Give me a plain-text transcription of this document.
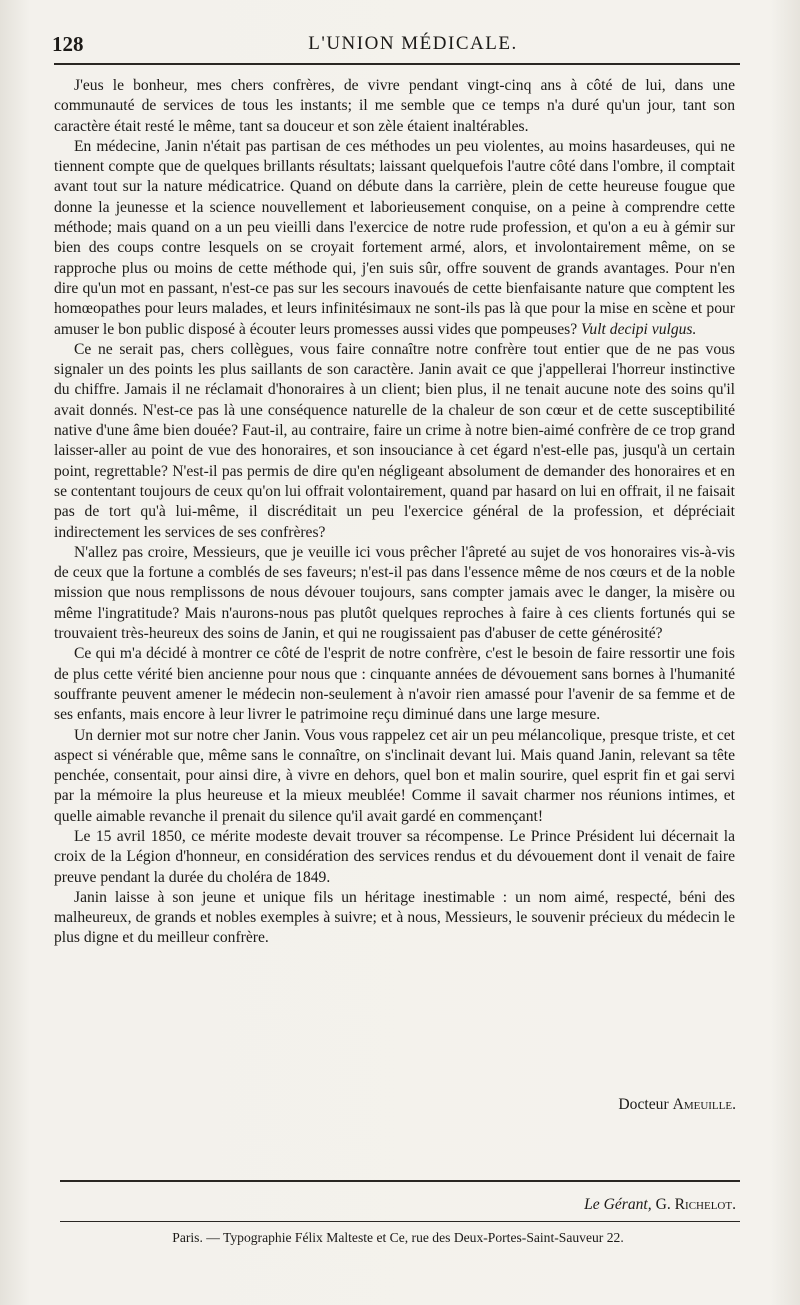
128	L'UNION MÉDICALE.

J'eus le bonheur, mes chers confrères, de vivre pendant vingt-cinq ans à côté de lui, dans une communauté de services de tous les instants; il me semble que ce temps n'a duré qu'un jour, tant son caractère était resté le même, tant sa douceur et son zèle étaient inaltérables.

En médecine, Janin n'était pas partisan de ces méthodes un peu violentes, au moins hasardeuses, qui ne tiennent compte que de quelques brillants résultats; laissant quelquefois l'autre côté dans l'ombre, il comptait avant tout sur la nature médicatrice. Quand on débute dans la carrière, plein de cette heureuse fougue que donne la jeunesse et la science nouvellement et laborieusement conquise, on a peine à comprendre cette méthode; mais quand on a un peu vieilli dans l'exercice de notre rude profession, et qu'on a eu à gémir sur bien des coups contre lesquels on se croyait fortement armé, alors, et involontairement même, on se rapproche plus ou moins de cette méthode qui, j'en suis sûr, offre souvent de grands avantages. Pour n'en dire qu'un mot en passant, n'est-ce pas sur les secours inavoués de cette bienfaisante nature que comptent les homœopathes pour leurs malades, et leurs infinitésimaux ne sont-ils pas là que pour la mise en scène et pour amuser le bon public disposé à écouter leurs promesses aussi vides que pompeuses? Vult decipi vulgus.

Ce ne serait pas, chers collègues, vous faire connaître notre confrère tout entier que de ne pas vous signaler un des points les plus saillants de son caractère. Janin avait ce que j'appellerai l'horreur instinctive du chiffre. Jamais il ne réclamait d'honoraires à un client; bien plus, il ne tenait aucune note des soins qu'il avait donnés. N'est-ce pas là une conséquence naturelle de la chaleur de son cœur et de cette susceptibilité native d'une âme bien douée? Faut-il, au contraire, faire un crime à notre bien-aimé confrère de ce trop grand laisser-aller au point de vue des honoraires, et son insouciance à cet égard n'est-elle pas, jusqu'à un certain point, regrettable? N'est-il pas permis de dire qu'en négligeant absolument de demander des honoraires et en se contentant toujours de ceux qu'on lui offrait volontairement, quand par hasard on lui en offrait, il ne faisait pas de tort qu'à lui-même, il discréditait un peu l'exercice général de la profession, et dépréciait indirectement les services de ses confrères?

N'allez pas croire, Messieurs, que je veuille ici vous prêcher l'âpreté au sujet de vos honoraires vis-à-vis de ceux que la fortune a comblés de ses faveurs; n'est-il pas dans l'essence même de nos cœurs et de la noble mission que nous remplissons de nous dévouer toujours, sans compter jamais avec le danger, la misère ou même l'ingratitude? Mais n'aurons-nous pas plutôt quelques reproches à faire à ces clients fortunés qui se trouvaient très-heureux des soins de Janin, et qui ne rougissaient pas d'abuser de cette générosité?

Ce qui m'a décidé à montrer ce côté de l'esprit de notre confrère, c'est le besoin de faire ressortir une fois de plus cette vérité bien ancienne pour nous que : cinquante années de dévouement sans bornes à l'humanité souffrante peuvent amener le médecin non-seulement à n'avoir rien amassé pour l'avenir de sa femme et de ses enfants, mais encore à leur livrer le patrimoine reçu diminué dans une large mesure.

Un dernier mot sur notre cher Janin. Vous vous rappelez cet air un peu mélancolique, presque triste, et cet aspect si vénérable que, même sans le connaître, on s'inclinait devant lui. Mais quand Janin, relevant sa tête penchée, consentait, pour ainsi dire, à vivre en dehors, quel bon et malin sourire, quel esprit fin et gai servi par la mémoire la plus heureuse et la mieux meublée! Comme il savait charmer nos réunions intimes, et quelle aimable revanche il prenait du silence qu'il avait gardé en commençant!

Le 15 avril 1850, ce mérite modeste devait trouver sa récompense. Le Prince Président lui décernait la croix de la Légion d'honneur, en considération des services rendus et du dévouement dont il venait de faire preuve pendant la durée du choléra de 1849.

Janin laisse à son jeune et unique fils un héritage inestimable : un nom aimé, respecté, béni des malheureux, de grands et nobles exemples à suivre; et à nous, Messieurs, le souvenir précieux du médecin le plus digne et du meilleur confrère.

Docteur Ameuille.
Le Gérant, G. Richelot.
Paris. — Typographie Félix Malteste et Ce, rue des Deux-Portes-Saint-Sauveur 22.
